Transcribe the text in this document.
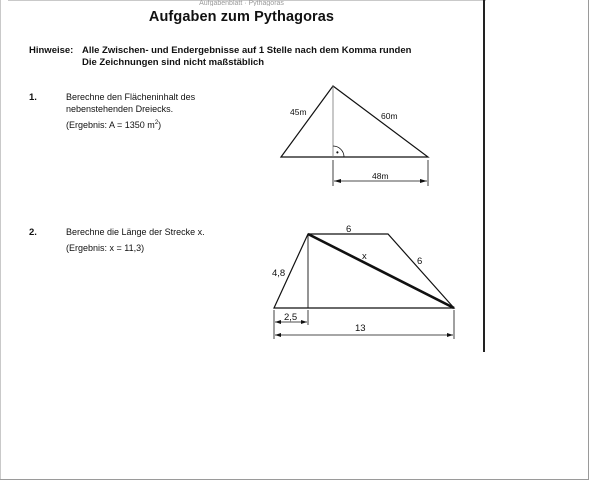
Aufgabenblatt · Pythagoras
Aufgaben zum Pythagoras
Hinweise: Alle Zwischen- und Endergebnisse auf 1 Stelle nach dem Komma runden
Die Zeichnungen sind nicht maßstäblich
1.	Berechne den Flächeninhalt des
nebenstehenden Dreiecks.
(Ergebnis: A = 1350 $m^2$)
•
45m	60m
48m
2.	Berechne die Länge der Strecke x.
(Ergebnis: x = 11,3)
6
x	6
4,8
2,5
13
